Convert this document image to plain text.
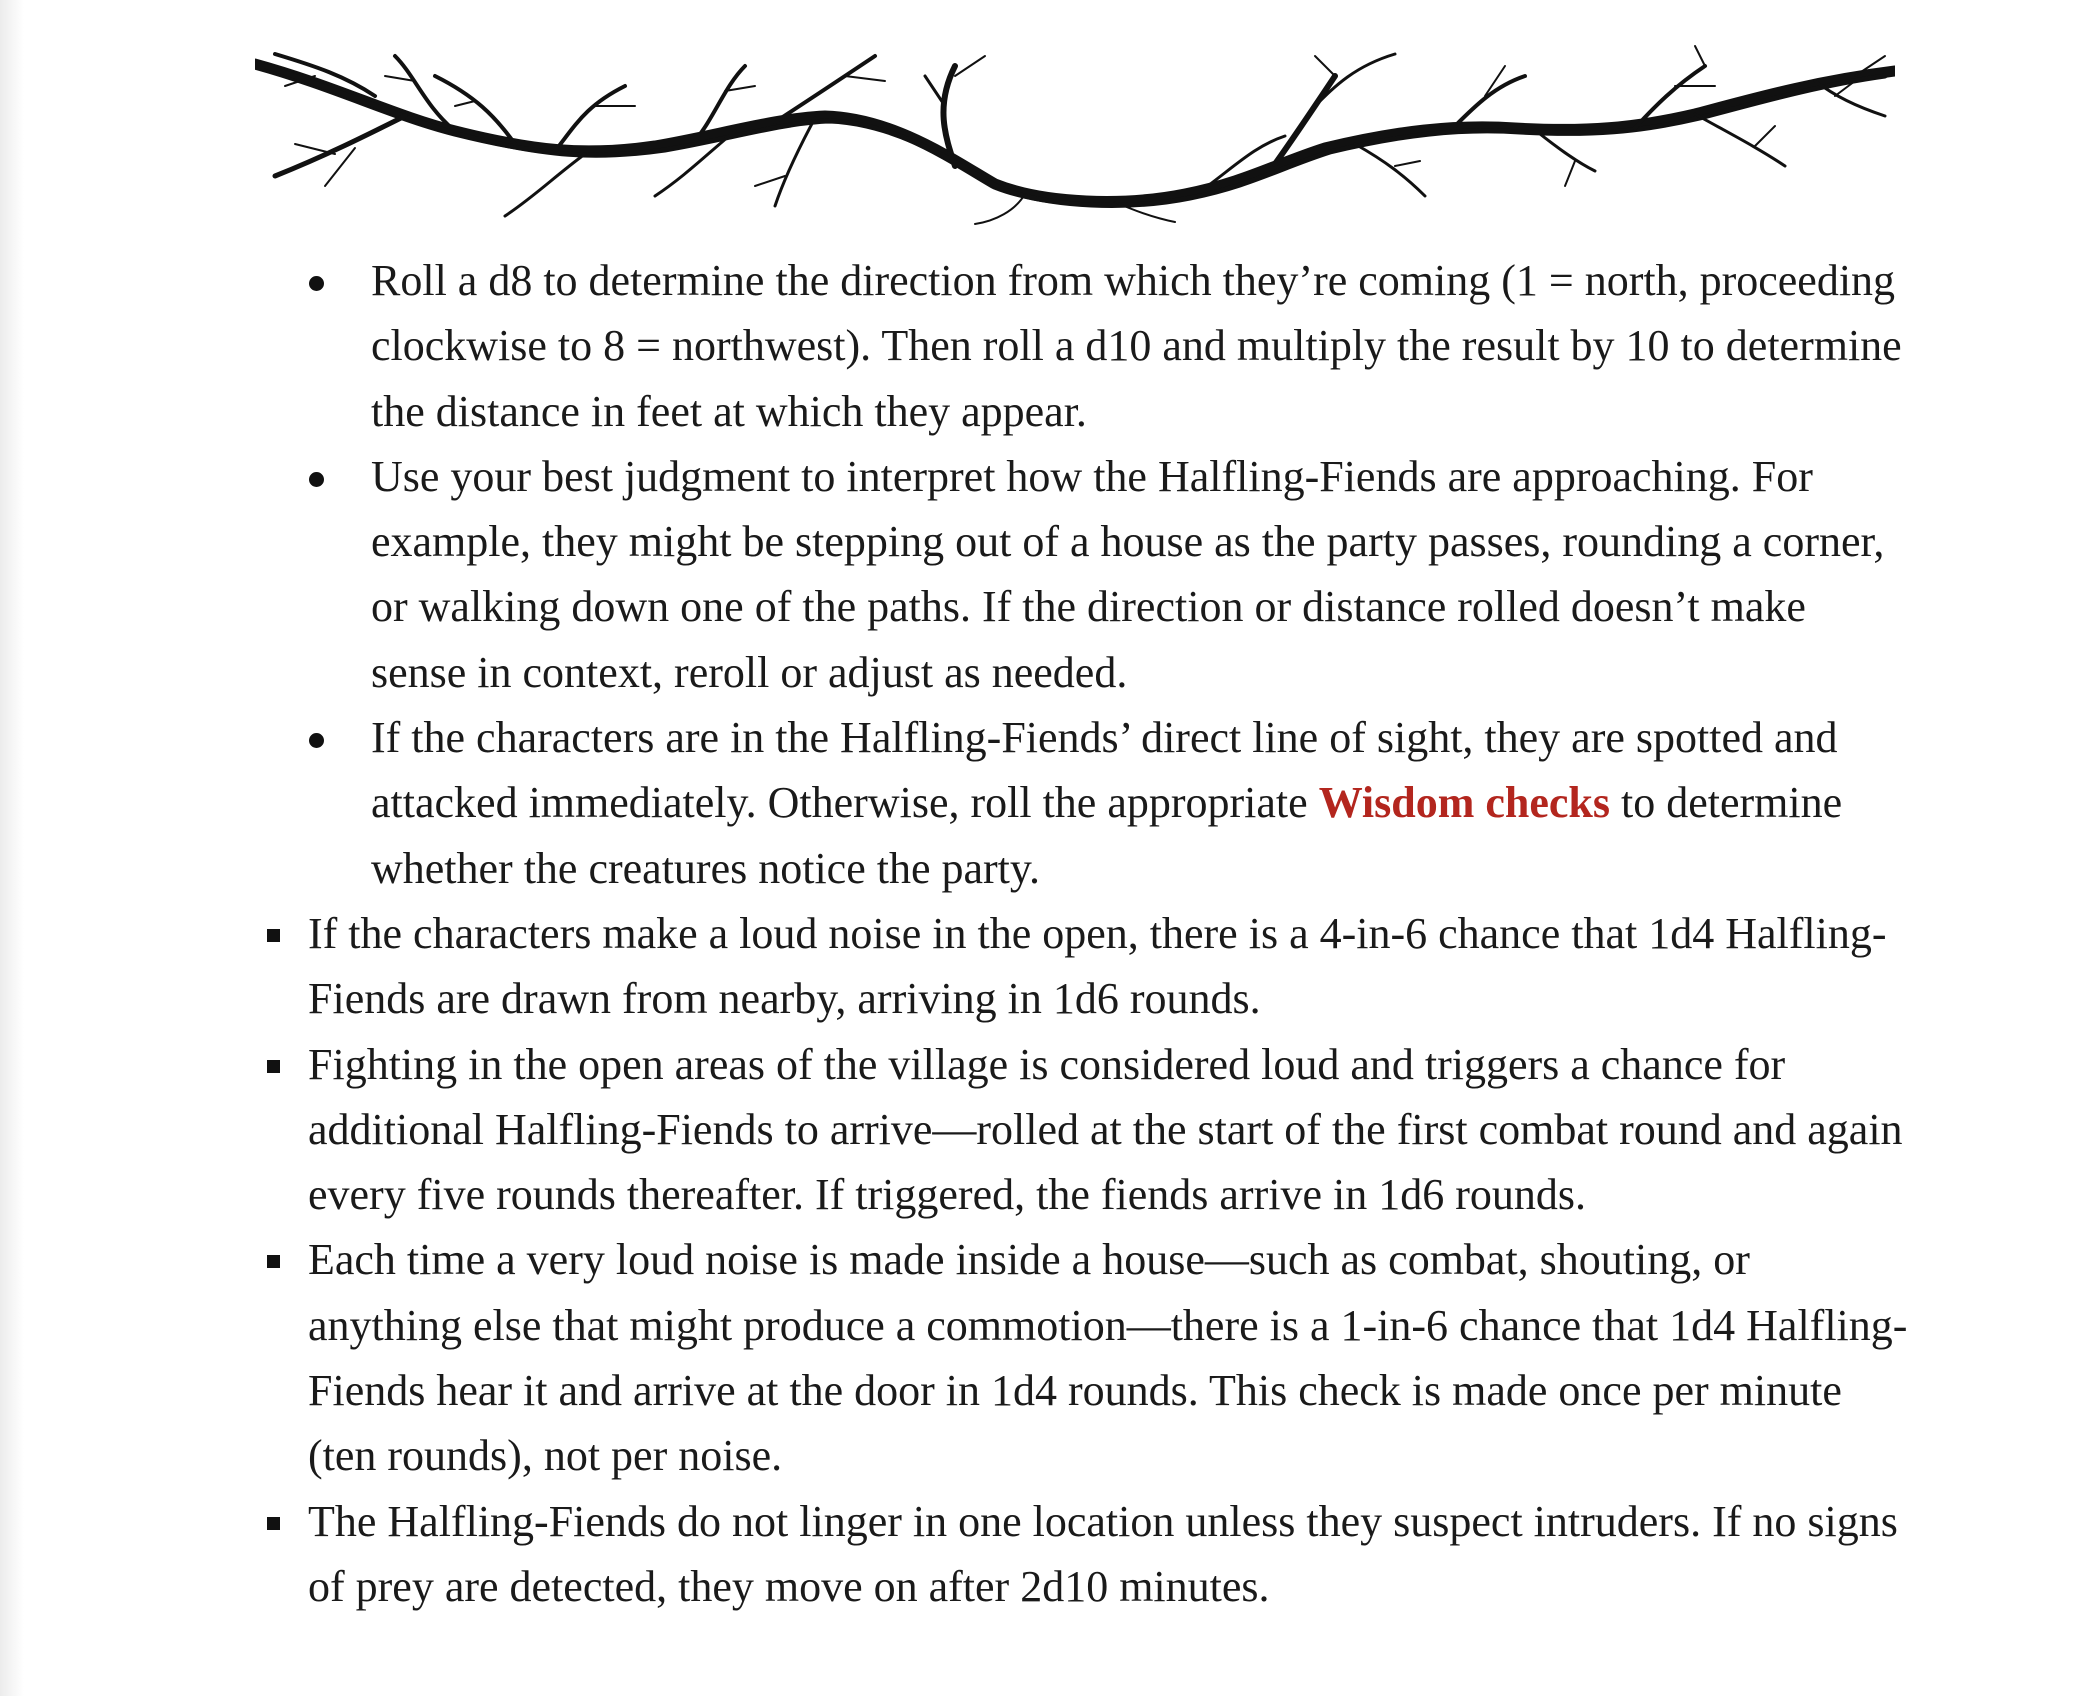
Roll a d8 to determine the direction from which they’re coming (1 = north, proceeding clockwise to 8 = northwest). Then roll a d10 and multiply the result by 10 to determine the distance in feet at which they appear.
Use your best judgment to interpret how the Halfling-Fiends are approaching. For example, they might be stepping out of a house as the party passes, rounding a corner, or walking down one of the paths. If the direction or distance rolled doesn’t make sense in context, reroll or adjust as needed.
If the characters are in the Halfling-Fiends’ direct line of sight, they are spotted and attacked immediately. Otherwise, roll the appropriate Wisdom checks to determine whether the creatures notice the party.
If the characters make a loud noise in the open, there is a 4-in-6 chance that 1d4 Halfling-Fiends are drawn from nearby, arriving in 1d6 rounds.
Fighting in the open areas of the village is considered loud and triggers a chance for additional Halfling-Fiends to arrive—rolled at the start of the first combat round and again every five rounds thereafter. If triggered, the fiends arrive in 1d6 rounds.
Each time a very loud noise is made inside a house—such as combat, shouting, or anything else that might produce a commotion—there is a 1-in-6 chance that 1d4 Halfling-Fiends hear it and arrive at the door in 1d4 rounds. This check is made once per minute (ten rounds), not per noise.
The Halfling-Fiends do not linger in one location unless they suspect intruders. If no signs of prey are detected, they move on after 2d10 minutes.
